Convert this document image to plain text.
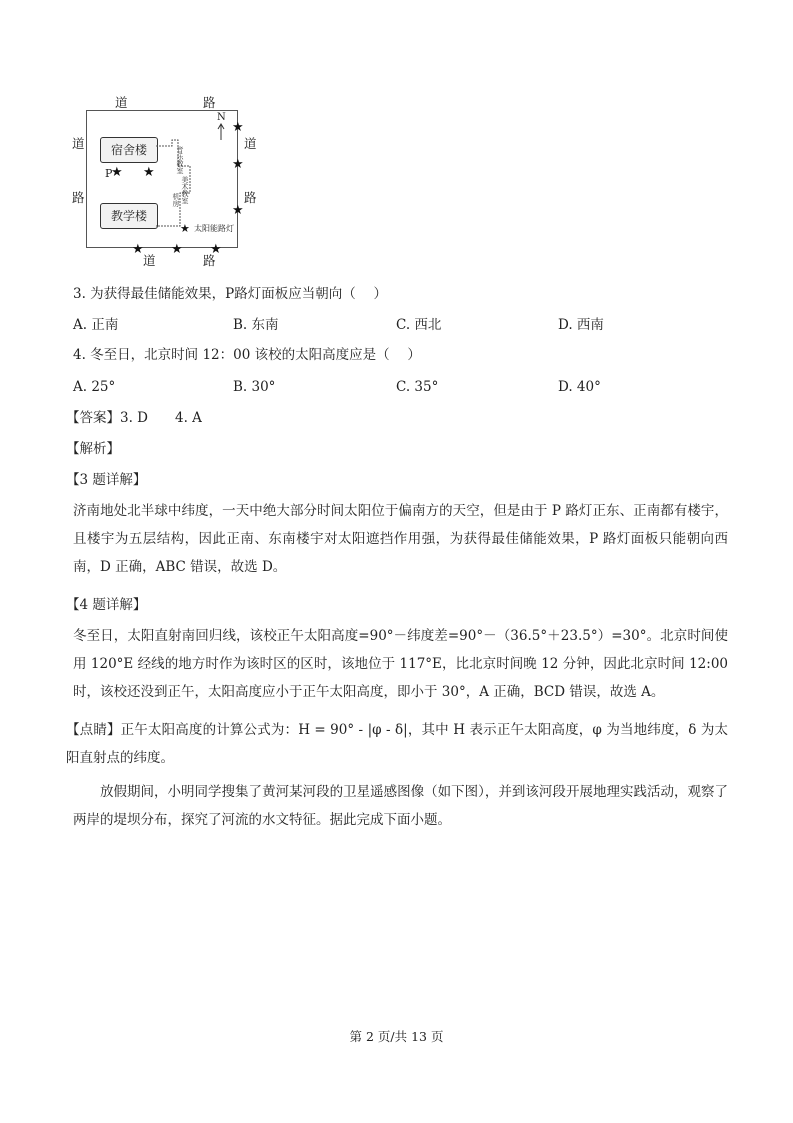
道	路
道
路
道
路
道	路
N
宿舍楼
教学楼
音乐教室
美术教室
机房
P
★ ★
★
★
★
★ ★ ★
★ 太阳能路灯
3. 为获得最佳储能效果，P路灯面板应当朝向（　 ）
A. 正南	B. 东南	C. 西北	D. 西南
4. 冬至日，北京时间 12：00 该校的太阳高度应是（　 ）
A. 25°	B. 30°	C. 35°	D. 40°
【答案】3. D　　4. A
【解析】
【3 题详解】
济南地处北半球中纬度，一天中绝大部分时间太阳位于偏南方的天空，但是由于 P 路灯正东、正南都有楼宇，且楼宇为五层结构，因此正南、东南楼宇对太阳遮挡作用强，为获得最佳储能效果，P 路灯面板只能朝向西南，D 正确，ABC 错误，故选 D。
【4 题详解】
冬至日，太阳直射南回归线，该校正午太阳高度=90°－纬度差=90°－（36.5°＋23.5°）=30°。北京时间使用 120°E 经线的地方时作为该时区的区时，该地位于 117°E，比北京时间晚 12 分钟，因此北京时间 12:00 时，该校还没到正午，太阳高度应小于正午太阳高度，即小于 30°，A 正确，BCD 错误，故选 A。
【点睛】正午太阳高度的计算公式为：H = 90° - |φ - δ|，其中 H 表示正午太阳高度，φ 为当地纬度，δ 为太阳直射点的纬度。
放假期间，小明同学搜集了黄河某河段的卫星遥感图像（如下图），并到该河段开展地理实践活动，观察了两岸的堤坝分布，探究了河流的水文特征。据此完成下面小题。
第 2 页/共 13 页
